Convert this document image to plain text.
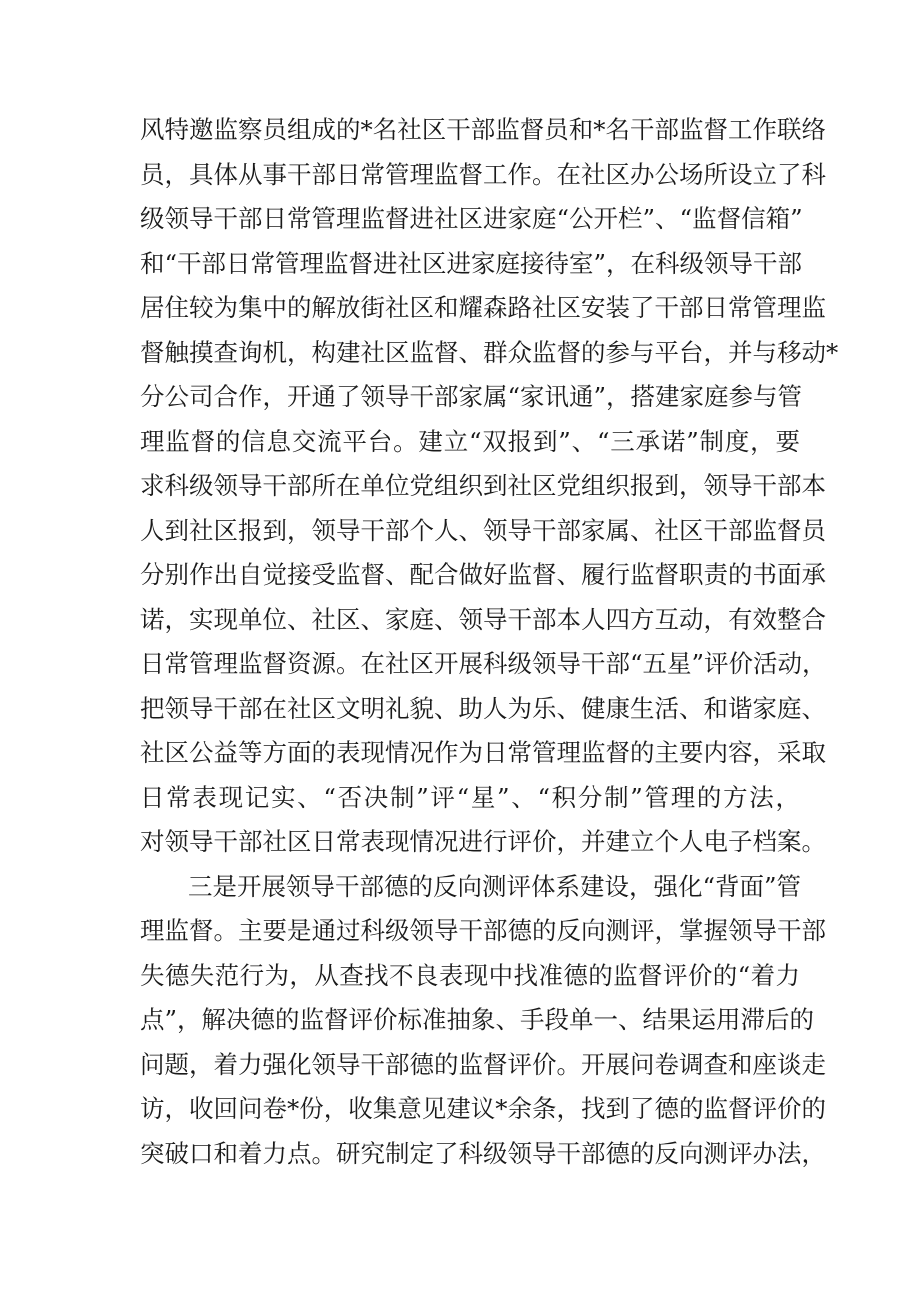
风特邀监察员组成的*名社区干部监督员和*名干部监督工作联络
员，具体从事干部日常管理监督工作。在社区办公场所设立了科
级领导干部日常管理监督进社区进家庭“公开栏”、“监督信箱”
和“干部日常管理监督进社区进家庭接待室”，在科级领导干部
居住较为集中的解放街社区和耀森路社区安装了干部日常管理监
督触摸查询机，构建社区监督、群众监督的参与平台，并与移动*
分公司合作，开通了领导干部家属“家讯通”，搭建家庭参与管
理监督的信息交流平台。建立“双报到”、“三承诺”制度，要
求科级领导干部所在单位党组织到社区党组织报到，领导干部本
人到社区报到，领导干部个人、领导干部家属、社区干部监督员
分别作出自觉接受监督、配合做好监督、履行监督职责的书面承
诺，实现单位、社区、家庭、领导干部本人四方互动，有效整合
日常管理监督资源。在社区开展科级领导干部“五星”评价活动，
把领导干部在社区文明礼貌、助人为乐、健康生活、和谐家庭、
社区公益等方面的表现情况作为日常管理监督的主要内容，采取
日常表现记实、“否决制”评“星”、“积分制”管理的方法，
对领导干部社区日常表现情况进行评价，并建立个人电子档案。
三是开展领导干部德的反向测评体系建设，强化“背面”管
理监督。主要是通过科级领导干部德的反向测评，掌握领导干部
失德失范行为，从查找不良表现中找准德的监督评价的“着力
点”，解决德的监督评价标准抽象、手段单一、结果运用滞后的
问题，着力强化领导干部德的监督评价。开展问卷调查和座谈走
访，收回问卷*份，收集意见建议*余条，找到了德的监督评价的
突破口和着力点。研究制定了科级领导干部德的反向测评办法，
